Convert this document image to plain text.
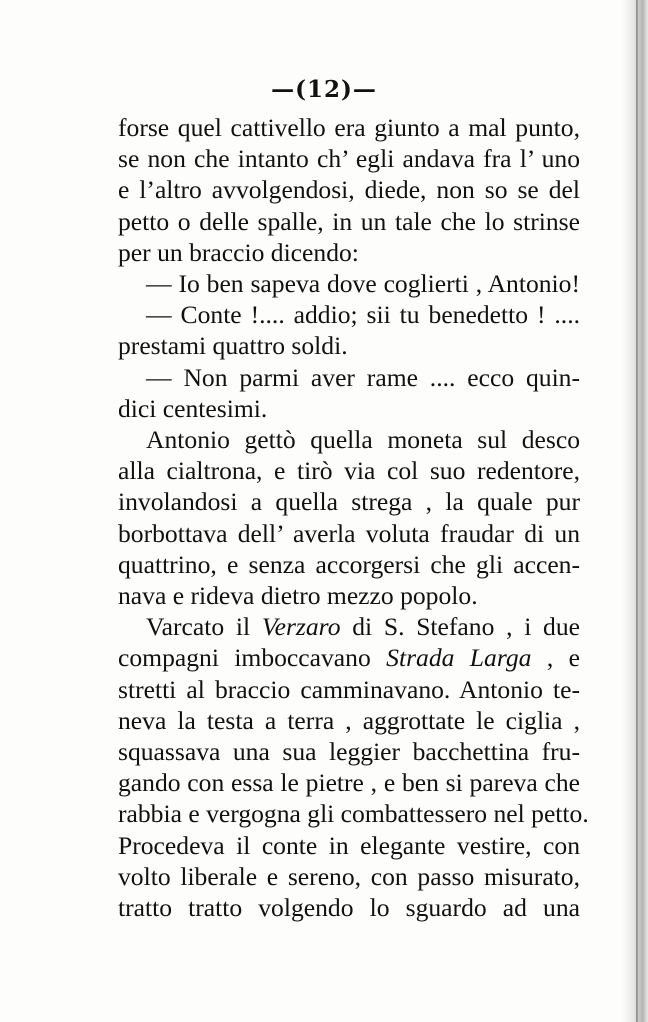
—(12)—
forse quel cattivello era giunto a mal punto,
se non che intanto ch’ egli andava fra l’ uno
e l’altro avvolgendosi, diede, non so se del
petto o delle spalle, in un tale che lo strinse
per un braccio dicendo:
— Io ben sapeva dove coglierti , Antonio!
— Conte !.... addio; sii tu benedetto ! ....
prestami quattro soldi.
— Non parmi aver rame .... ecco quin-
dici centesimi.
Antonio gettò quella moneta sul desco
alla cialtrona, e tirò via col suo redentore,
involandosi a quella strega , la quale pur
borbottava dell’ averla voluta fraudar di un
quattrino, e senza accorgersi che gli accen-
nava e rideva dietro mezzo popolo.
Varcato il Verzaro di S. Stefano , i due
compagni imboccavano Strada Larga , e
stretti al braccio camminavano. Antonio te-
neva la testa a terra , aggrottate le ciglia ,
squassava una sua leggier bacchettina fru-
gando con essa le pietre , e ben si pareva che
rabbia e vergogna gli combattessero nel petto.
Procedeva il conte in elegante vestire, con
volto liberale e sereno, con passo misurato,
tratto tratto volgendo lo sguardo ad una
